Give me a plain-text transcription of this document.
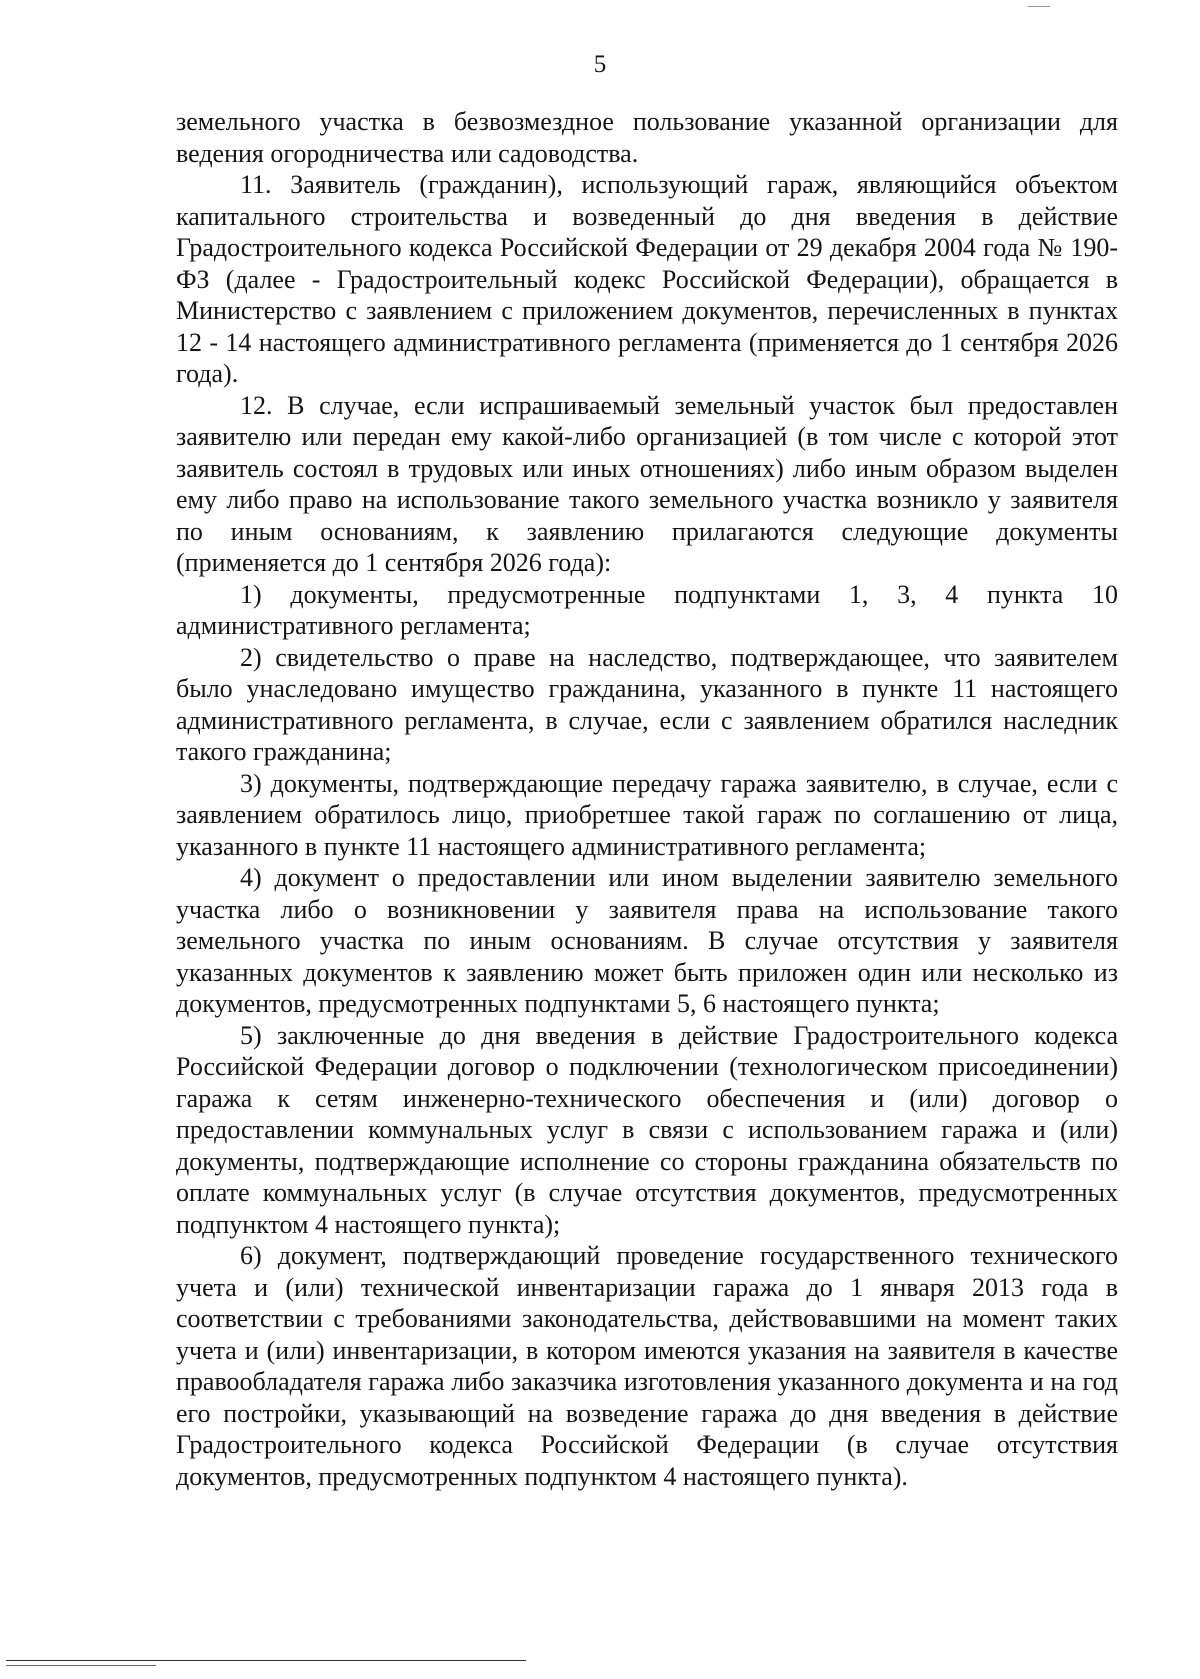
5

земельного участка в безвозмездное пользование указанной организации для ведения огородничества или садоводства.

11. Заявитель (гражданин), использующий гараж, являющийся объектом капитального строительства и возведенный до дня введения в действие Градостроительного кодекса Российской Федерации от 29 декабря 2004 года № 190-ФЗ (далее - Градостроительный кодекс Российской Федерации), обращается в Министерство с заявлением с приложением документов, перечисленных в пунктах 12 - 14 настоящего административного регламента (применяется до 1 сентября 2026 года).

12. В случае, если испрашиваемый земельный участок был предоставлен заявителю или передан ему какой-либо организацией (в том числе с которой этот заявитель состоял в трудовых или иных отношениях) либо иным образом выделен ему либо право на использование такого земельного участка возникло у заявителя по иным основаниям, к заявлению прилагаются следующие документы (применяется до 1 сентября 2026 года):

1) документы, предусмотренные подпунктами 1, 3, 4 пункта 10 административного регламента;

2) свидетельство о праве на наследство, подтверждающее, что заявителем было унаследовано имущество гражданина, указанного в пункте 11 настоящего административного регламента, в случае, если с заявлением обратился наследник такого гражданина;

3) документы, подтверждающие передачу гаража заявителю, в случае, если с заявлением обратилось лицо, приобретшее такой гараж по соглашению от лица, указанного в пункте 11 настоящего административного регламента;

4) документ о предоставлении или ином выделении заявителю земельного участка либо о возникновении у заявителя права на использование такого земельного участка по иным основаниям. В случае отсутствия у заявителя указанных документов к заявлению может быть приложен один или несколько из документов, предусмотренных подпунктами 5, 6 настоящего пункта;

5) заключенные до дня введения в действие Градостроительного кодекса Российской Федерации договор о подключении (технологическом присоединении) гаража к сетям инженерно-технического обеспечения и (или) договор о предоставлении коммунальных услуг в связи с использованием гаража и (или) документы, подтверждающие исполнение со стороны гражданина обязательств по оплате коммунальных услуг (в случае отсутствия документов, предусмотренных подпунктом 4 настоящего пункта);

6) документ, подтверждающий проведение государственного технического учета и (или) технической инвентаризации гаража до 1 января 2013 года в соответствии с требованиями законодательства, действовавшими на момент таких учета и (или) инвентаризации, в котором имеются указания на заявителя в качестве правообладателя гаража либо заказчика изготовления указанного документа и на год его постройки, указывающий на возведение гаража до дня введения в действие Градостроительного кодекса Российской Федерации (в случае отсутствия документов, предусмотренных подпунктом 4 настоящего пункта).
